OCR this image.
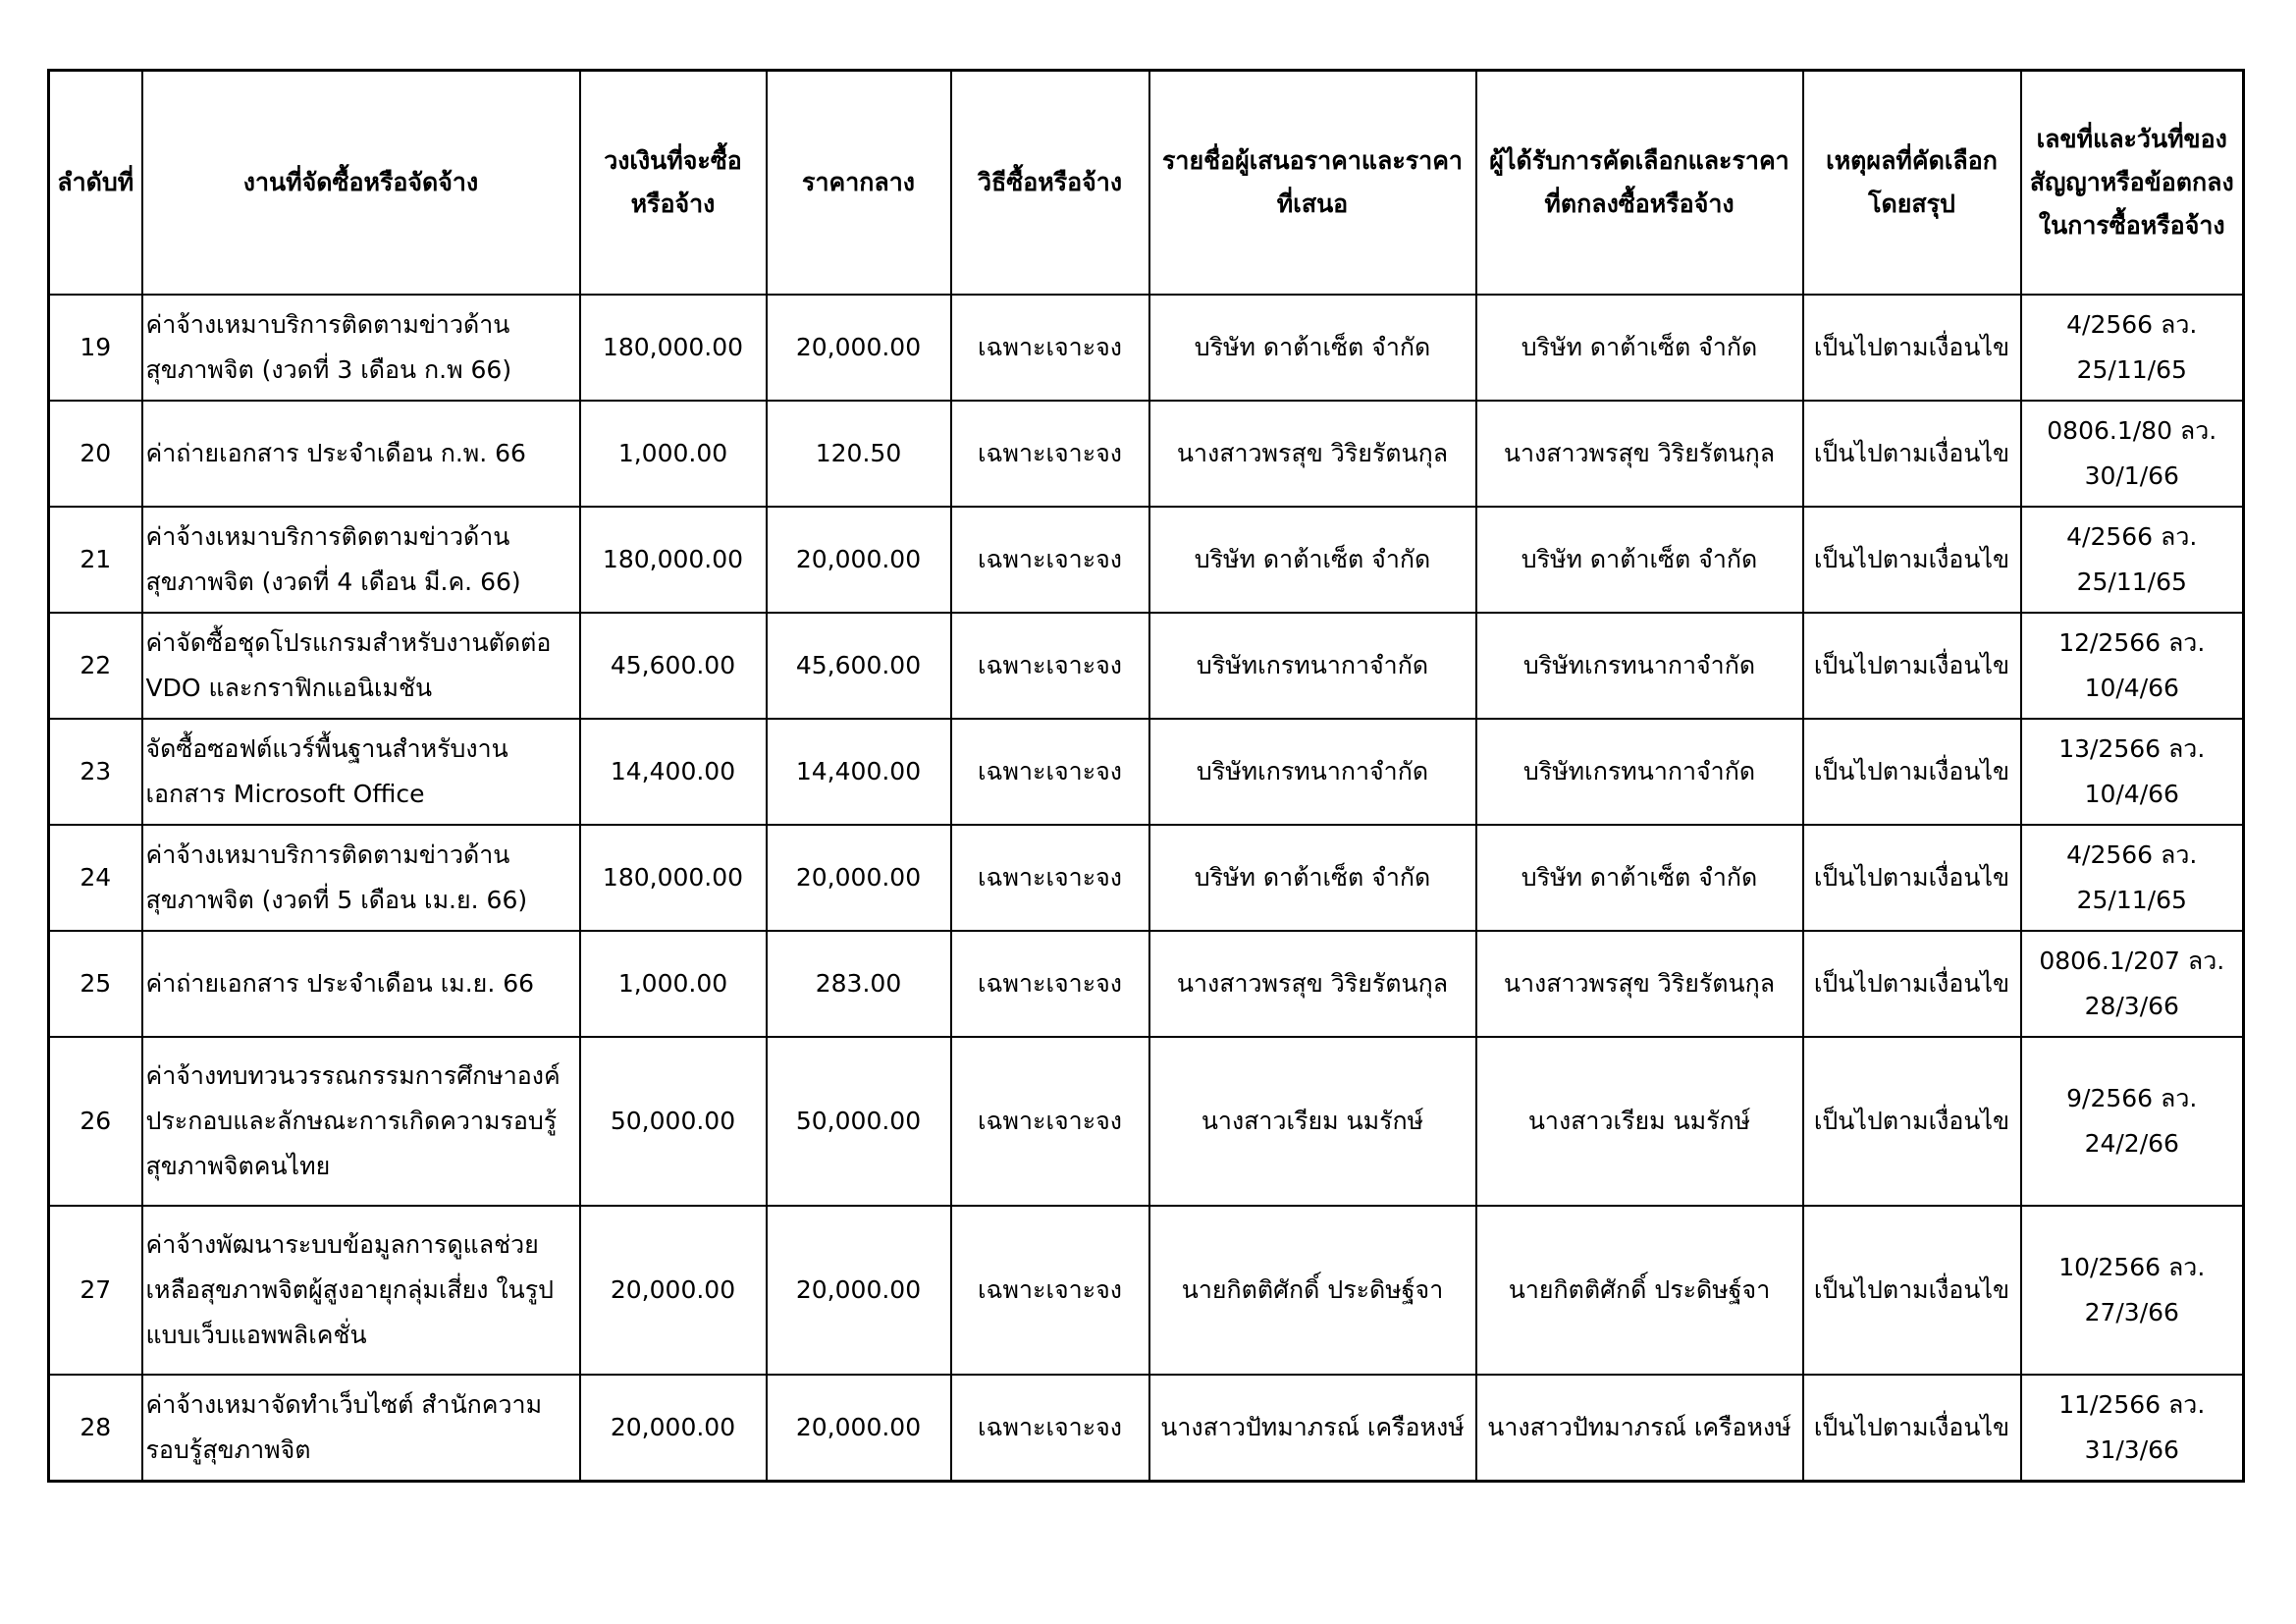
ลำดับที่	งานที่จัดซื้อหรือจัดจ้าง	วงเงินที่จะซื้อหรือจ้าง	ราคากลาง	วิธีซื้อหรือจ้าง	รายชื่อผู้เสนอราคาและราคาที่เสนอ	ผู้ได้รับการคัดเลือกและราคาที่ตกลงซื้อหรือจ้าง	เหตุผลที่คัดเลือกโดยสรุป	เลขที่และวันที่ของสัญญาหรือข้อตกลงในการซื้อหรือจ้าง
19	ค่าจ้างเหมาบริการติดตามข่าวด้านสุขภาพจิต (งวดที่ 3 เดือน ก.พ 66)	180,000.00	20,000.00	เฉพาะเจาะจง	บริษัท ดาต้าเซ็ต จำกัด	บริษัท ดาต้าเซ็ต จำกัด	เป็นไปตามเงื่อนไข	4/2566 ลว. 25/11/65
20	ค่าถ่ายเอกสาร ประจำเดือน ก.พ. 66	1,000.00	120.50	เฉพาะเจาะจง	นางสาวพรสุข วิริยรัตนกุล	นางสาวพรสุข วิริยรัตนกุล	เป็นไปตามเงื่อนไข	0806.1/80 ลว. 30/1/66
21	ค่าจ้างเหมาบริการติดตามข่าวด้านสุขภาพจิต (งวดที่ 4 เดือน มี.ค. 66)	180,000.00	20,000.00	เฉพาะเจาะจง	บริษัท ดาต้าเซ็ต จำกัด	บริษัท ดาต้าเซ็ต จำกัด	เป็นไปตามเงื่อนไข	4/2566 ลว. 25/11/65
22	ค่าจัดซื้อชุดโปรแกรมสำหรับงานตัดต่อ VDO และกราฟิกแอนิเมชัน	45,600.00	45,600.00	เฉพาะเจาะจง	บริษัทเกรทนากาจำกัด	บริษัทเกรทนากาจำกัด	เป็นไปตามเงื่อนไข	12/2566 ลว. 10/4/66
23	จัดซื้อซอฟต์แวร์พื้นฐานสำหรับงานเอกสาร Microsoft Office	14,400.00	14,400.00	เฉพาะเจาะจง	บริษัทเกรทนากาจำกัด	บริษัทเกรทนากาจำกัด	เป็นไปตามเงื่อนไข	13/2566 ลว. 10/4/66
24	ค่าจ้างเหมาบริการติดตามข่าวด้านสุขภาพจิต (งวดที่ 5 เดือน เม.ย. 66)	180,000.00	20,000.00	เฉพาะเจาะจง	บริษัท ดาต้าเซ็ต จำกัด	บริษัท ดาต้าเซ็ต จำกัด	เป็นไปตามเงื่อนไข	4/2566 ลว. 25/11/65
25	ค่าถ่ายเอกสาร ประจำเดือน เม.ย. 66	1,000.00	283.00	เฉพาะเจาะจง	นางสาวพรสุข วิริยรัตนกุล	นางสาวพรสุข วิริยรัตนกุล	เป็นไปตามเงื่อนไข	0806.1/207 ลว. 28/3/66
26	ค่าจ้างทบทวนวรรณกรรมการศึกษาองค์ประกอบและลักษณะการเกิดความรอบรู้สุขภาพจิตคนไทย	50,000.00	50,000.00	เฉพาะเจาะจง	นางสาวเรียม นมรักษ์	นางสาวเรียม นมรักษ์	เป็นไปตามเงื่อนไข	9/2566 ลว. 24/2/66
27	ค่าจ้างพัฒนาระบบข้อมูลการดูแลช่วยเหลือสุขภาพจิตผู้สูงอายุกลุ่มเสี่ยง ในรูปแบบเว็บแอพพลิเคชั่น	20,000.00	20,000.00	เฉพาะเจาะจง	นายกิตติศักดิ์ ประดิษฐ์จา	นายกิตติศักดิ์ ประดิษฐ์จา	เป็นไปตามเงื่อนไข	10/2566 ลว. 27/3/66
28	ค่าจ้างเหมาจัดทำเว็บไซต์ สำนักความรอบรู้สุขภาพจิต	20,000.00	20,000.00	เฉพาะเจาะจง	นางสาวปัทมาภรณ์ เครือหงษ์	นางสาวปัทมาภรณ์ เครือหงษ์	เป็นไปตามเงื่อนไข	11/2566 ลว. 31/3/66
